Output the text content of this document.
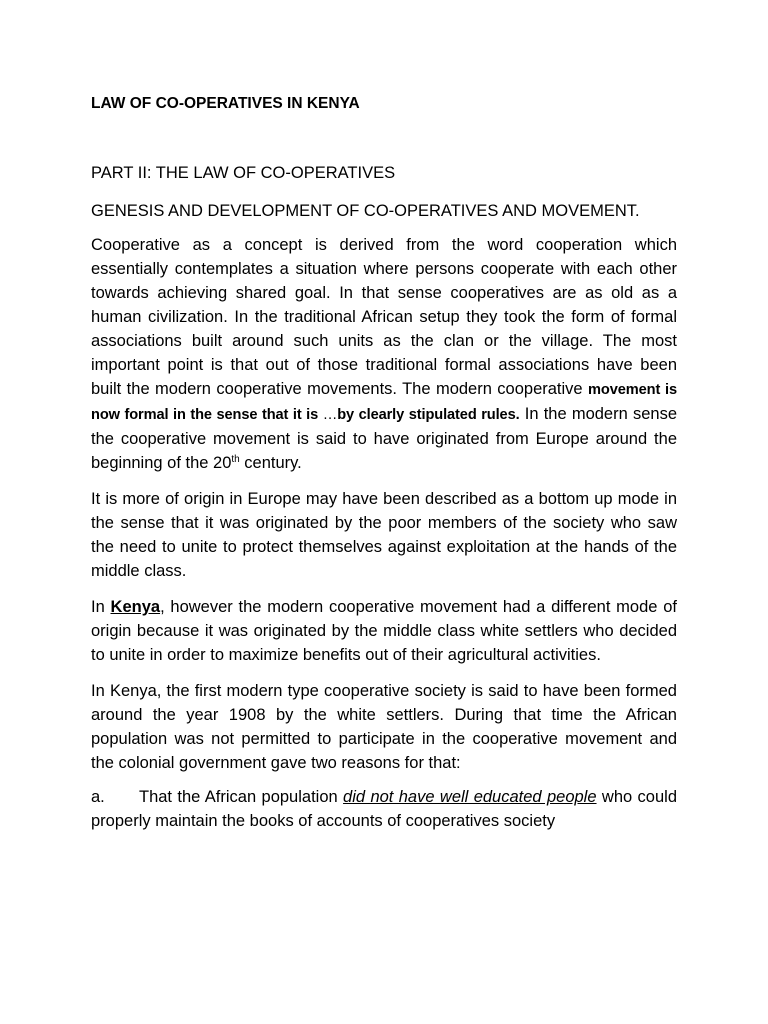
LAW OF CO-OPERATIVES IN KENYA
PART II: THE LAW OF CO-OPERATIVES
GENESIS AND DEVELOPMENT OF CO-OPERATIVES AND MOVEMENT.

Cooperative as a concept is derived from the word cooperation which essentially contemplates a situation where persons cooperate with each other towards achieving shared goal. In that sense cooperatives are as old as a human civilization. In the traditional African setup they took the form of formal associations built around such units as the clan or the village. The most important point is that out of those traditional formal associations have been built the modern cooperative movements. The modern cooperative movement is now formal in the sense that it is …by clearly stipulated rules. In the modern sense the cooperative movement is said to have originated from Europe around the beginning of the 20th century.

It is more of origin in Europe may have been described as a bottom up mode in the sense that it was originated by the poor members of the society who saw the need to unite to protect themselves against exploitation at the hands of the middle class.

In Kenya, however the modern cooperative movement had a different mode of origin because it was originated by the middle class white settlers who decided to unite in order to maximize benefits out of their agricultural activities.

In Kenya, the first modern type cooperative society is said to have been formed around the year 1908 by the white settlers. During that time the African population was not permitted to participate in the cooperative movement and the colonial government gave two reasons for that:

a. That the African population did not have well educated people who could properly maintain the books of accounts of cooperatives society
